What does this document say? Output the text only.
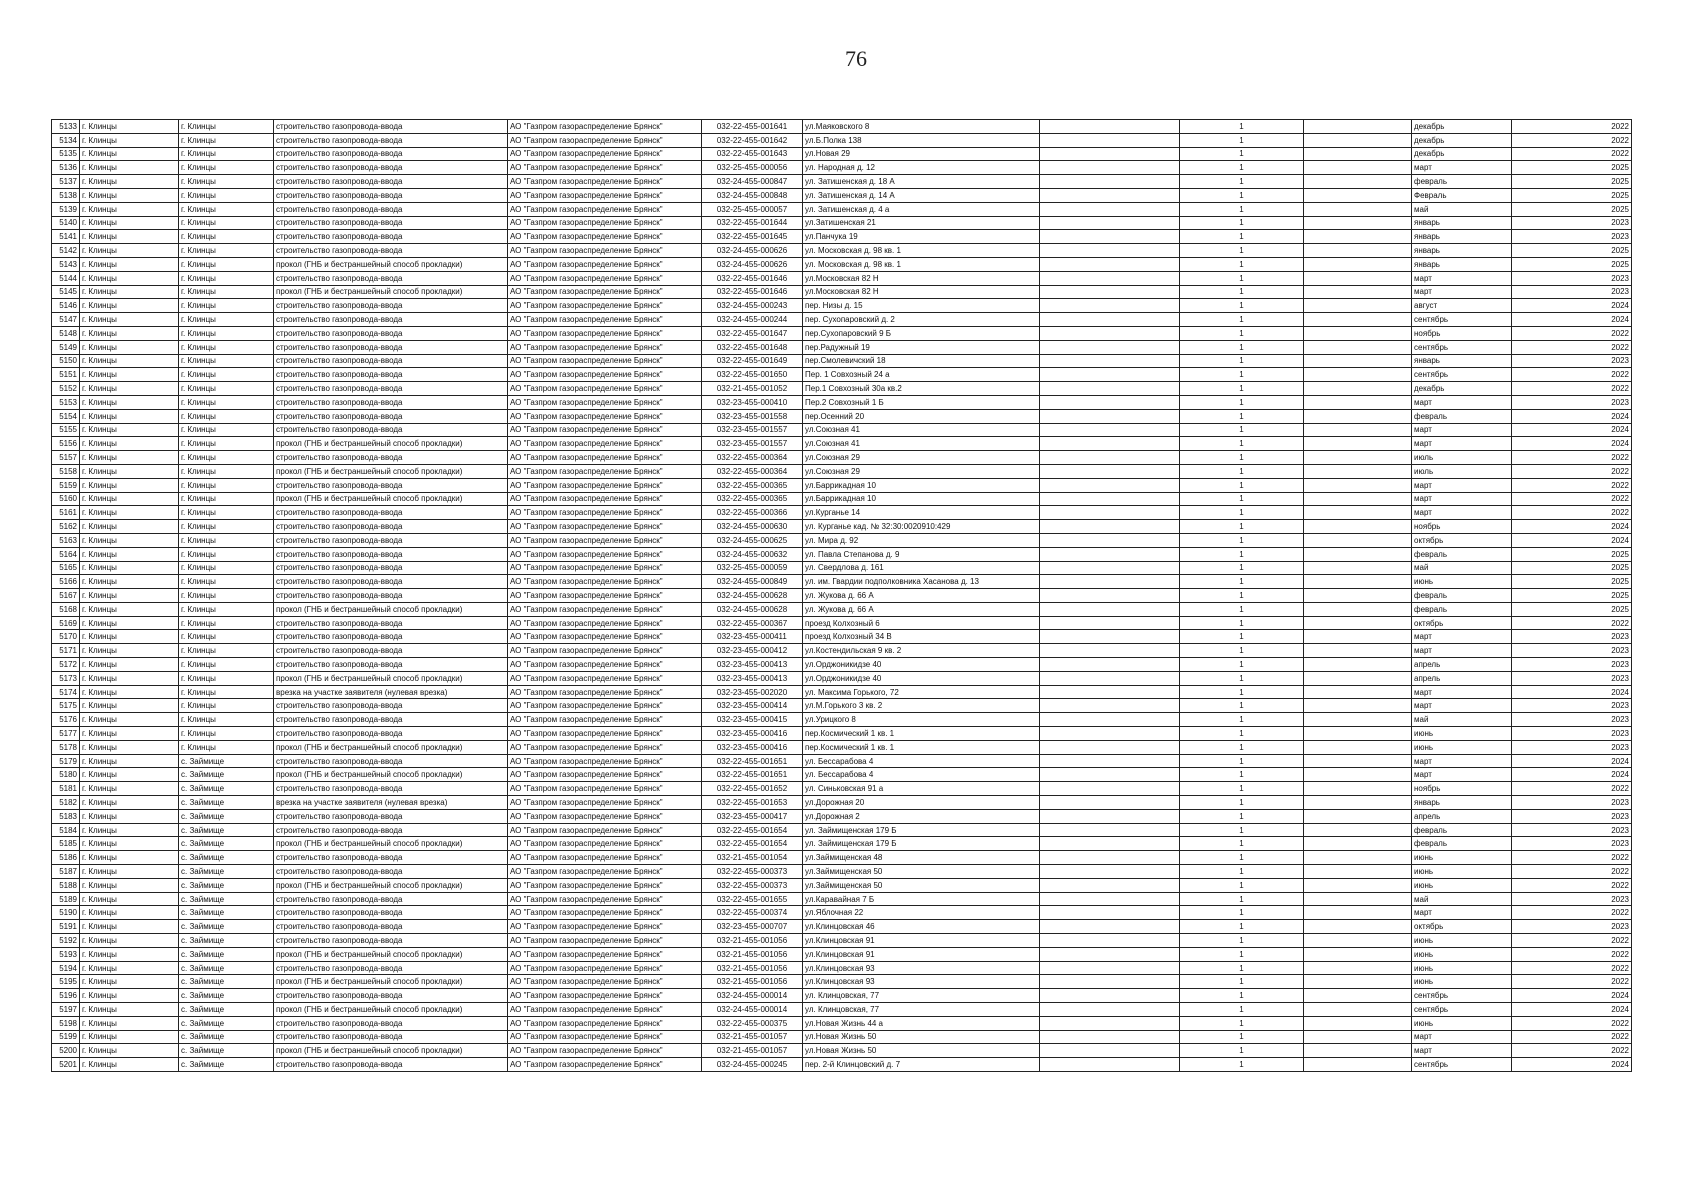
76
5133	г. Клинцы	г. Клинцы	строительство газопровода-ввода	АО "Газпром газораспределение Брянск"	032-22-455-001641	ул.Маяковского 8		1		декабрь	2022
5134	г. Клинцы	г. Клинцы	строительство газопровода-ввода	АО "Газпром газораспределение Брянск"	032-22-455-001642	ул.Б.Полка 138		1		декабрь	2022
5135	г. Клинцы	г. Клинцы	строительство газопровода-ввода	АО "Газпром газораспределение Брянск"	032-22-455-001643	ул.Новая 29		1		декабрь	2022
5136	г. Клинцы	г. Клинцы	строительство газопровода-ввода	АО "Газпром газораспределение Брянск"	032-25-455-000056	ул. Народная д. 12		1		март	2025
5137	г. Клинцы	г. Клинцы	строительство газопровода-ввода	АО "Газпром газораспределение Брянск"	032-24-455-000847	ул. Затишенская д. 18 А		1		февраль	2025
5138	г. Клинцы	г. Клинцы	строительство газопровода-ввода	АО "Газпром газораспределение Брянск"	032-24-455-000848	ул. Затишенская д. 14 А		1		Февраль	2025
5139	г. Клинцы	г. Клинцы	строительство газопровода-ввода	АО "Газпром газораспределение Брянск"	032-25-455-000057	ул. Затишенская д. 4 а		1		май	2025
5140	г. Клинцы	г. Клинцы	строительство газопровода-ввода	АО "Газпром газораспределение Брянск"	032-22-455-001644	ул.Затишенская 21		1		январь	2023
5141	г. Клинцы	г. Клинцы	строительство газопровода-ввода	АО "Газпром газораспределение Брянск"	032-22-455-001645	ул.Панчука 19		1		январь	2023
5142	г. Клинцы	г. Клинцы	строительство газопровода-ввода	АО "Газпром газораспределение Брянск"	032-24-455-000626	ул. Московская д. 98 кв. 1		1		январь	2025
5143	г. Клинцы	г. Клинцы	прокол (ГНБ и бестраншейный способ прокладки)	АО "Газпром газораспределение Брянск"	032-24-455-000626	ул. Московская д. 98 кв. 1		1		январь	2025
5144	г. Клинцы	г. Клинцы	строительство газопровода-ввода	АО "Газпром газораспределение Брянск"	032-22-455-001646	ул.Московская 82 Н		1		март	2023
5145	г. Клинцы	г. Клинцы	прокол (ГНБ и бестраншейный способ прокладки)	АО "Газпром газораспределение Брянск"	032-22-455-001646	ул.Московская 82 Н		1		март	2023
5146	г. Клинцы	г. Клинцы	строительство газопровода-ввода	АО "Газпром газораспределение Брянск"	032-24-455-000243	пер. Низы д. 15		1		август	2024
5147	г. Клинцы	г. Клинцы	строительство газопровода-ввода	АО "Газпром газораспределение Брянск"	032-24-455-000244	пер. Сухопаровский д. 2		1		сентябрь	2024
5148	г. Клинцы	г. Клинцы	строительство газопровода-ввода	АО "Газпром газораспределение Брянск"	032-22-455-001647	пер.Сухопаровский 9 Б		1		ноябрь	2022
5149	г. Клинцы	г. Клинцы	строительство газопровода-ввода	АО "Газпром газораспределение Брянск"	032-22-455-001648	пер.Радужный 19		1		сентябрь	2022
5150	г. Клинцы	г. Клинцы	строительство газопровода-ввода	АО "Газпром газораспределение Брянск"	032-22-455-001649	пер.Смолевичский 18		1		январь	2023
5151	г. Клинцы	г. Клинцы	строительство газопровода-ввода	АО "Газпром газораспределение Брянск"	032-22-455-001650	Пер. 1 Совхозный 24 а		1		сентябрь	2022
5152	г. Клинцы	г. Клинцы	строительство газопровода-ввода	АО "Газпром газораспределение Брянск"	032-21-455-001052	Пер.1 Совхозный 30а кв.2		1		декабрь	2022
5153	г. Клинцы	г. Клинцы	строительство газопровода-ввода	АО "Газпром газораспределение Брянск"	032-23-455-000410	Пер.2 Совхозный 1 Б		1		март	2023
5154	г. Клинцы	г. Клинцы	строительство газопровода-ввода	АО "Газпром газораспределение Брянск"	032-23-455-001558	пер.Осенний 20		1		февраль	2024
5155	г. Клинцы	г. Клинцы	строительство газопровода-ввода	АО "Газпром газораспределение Брянск"	032-23-455-001557	ул.Союзная 41		1		март	2024
5156	г. Клинцы	г. Клинцы	прокол (ГНБ и бестраншейный способ прокладки)	АО "Газпром газораспределение Брянск"	032-23-455-001557	ул.Союзная 41		1		март	2024
5157	г. Клинцы	г. Клинцы	строительство газопровода-ввода	АО "Газпром газораспределение Брянск"	032-22-455-000364	ул.Союзная 29		1		июль	2022
5158	г. Клинцы	г. Клинцы	прокол (ГНБ и бестраншейный способ прокладки)	АО "Газпром газораспределение Брянск"	032-22-455-000364	ул.Союзная 29		1		июль	2022
5159	г. Клинцы	г. Клинцы	строительство газопровода-ввода	АО "Газпром газораспределение Брянск"	032-22-455-000365	ул.Баррикадная 10		1		март	2022
5160	г. Клинцы	г. Клинцы	прокол (ГНБ и бестраншейный способ прокладки)	АО "Газпром газораспределение Брянск"	032-22-455-000365	ул.Баррикадная 10		1		март	2022
5161	г. Клинцы	г. Клинцы	строительство газопровода-ввода	АО "Газпром газораспределение Брянск"	032-22-455-000366	ул.Курганье 14		1		март	2022
5162	г. Клинцы	г. Клинцы	строительство газопровода-ввода	АО "Газпром газораспределение Брянск"	032-24-455-000630	ул. Курганье кад. № 32:30:0020910:429		1		ноябрь	2024
5163	г. Клинцы	г. Клинцы	строительство газопровода-ввода	АО "Газпром газораспределение Брянск"	032-24-455-000625	ул. Мира д. 92		1		октябрь	2024
5164	г. Клинцы	г. Клинцы	строительство газопровода-ввода	АО "Газпром газораспределение Брянск"	032-24-455-000632	ул. Павла Степанова д. 9		1		февраль	2025
5165	г. Клинцы	г. Клинцы	строительство газопровода-ввода	АО "Газпром газораспределение Брянск"	032-25-455-000059	ул. Свердлова д. 161		1		май	2025
5166	г. Клинцы	г. Клинцы	строительство газопровода-ввода	АО "Газпром газораспределение Брянск"	032-24-455-000849	ул. им. Гвардии подполковника Хасанова д. 13		1		июнь	2025
5167	г. Клинцы	г. Клинцы	строительство газопровода-ввода	АО "Газпром газораспределение Брянск"	032-24-455-000628	ул. Жукова д. 66 А		1		февраль	2025
5168	г. Клинцы	г. Клинцы	прокол (ГНБ и бестраншейный способ прокладки)	АО "Газпром газораспределение Брянск"	032-24-455-000628	ул. Жукова д. 66 А		1		февраль	2025
5169	г. Клинцы	г. Клинцы	строительство газопровода-ввода	АО "Газпром газораспределение Брянск"	032-22-455-000367	проезд Колхозный 6		1		октябрь	2022
5170	г. Клинцы	г. Клинцы	строительство газопровода-ввода	АО "Газпром газораспределение Брянск"	032-23-455-000411	проезд Колхозный 34 В		1		март	2023
5171	г. Клинцы	г. Клинцы	строительство газопровода-ввода	АО "Газпром газораспределение Брянск"	032-23-455-000412	ул.Костендильская 9 кв. 2		1		март	2023
5172	г. Клинцы	г. Клинцы	строительство газопровода-ввода	АО "Газпром газораспределение Брянск"	032-23-455-000413	ул.Орджоникидзе 40		1		апрель	2023
5173	г. Клинцы	г. Клинцы	прокол (ГНБ и бестраншейный способ прокладки)	АО "Газпром газораспределение Брянск"	032-23-455-000413	ул.Орджоникидзе 40		1		апрель	2023
5174	г. Клинцы	г. Клинцы	врезка на участке заявителя (нулевая врезка)	АО "Газпром газораспределение Брянск"	032-23-455-002020	ул. Максима Горького, 72		1		март	2024
5175	г. Клинцы	г. Клинцы	строительство газопровода-ввода	АО "Газпром газораспределение Брянск"	032-23-455-000414	ул.М.Горького 3 кв. 2		1		март	2023
5176	г. Клинцы	г. Клинцы	строительство газопровода-ввода	АО "Газпром газораспределение Брянск"	032-23-455-000415	ул.Урицкого 8		1		май	2023
5177	г. Клинцы	г. Клинцы	строительство газопровода-ввода	АО "Газпром газораспределение Брянск"	032-23-455-000416	пер.Космический 1 кв. 1		1		июнь	2023
5178	г. Клинцы	г. Клинцы	прокол (ГНБ и бестраншейный способ прокладки)	АО "Газпром газораспределение Брянск"	032-23-455-000416	пер.Космический 1 кв. 1		1		июнь	2023
5179	г. Клинцы	с. Займище	строительство газопровода-ввода	АО "Газпром газораспределение Брянск"	032-22-455-001651	ул. Бессарабова 4		1		март	2024
5180	г. Клинцы	с. Займище	прокол (ГНБ и бестраншейный способ прокладки)	АО "Газпром газораспределение Брянск"	032-22-455-001651	ул. Бессарабова 4		1		март	2024
5181	г. Клинцы	с. Займище	строительство газопровода-ввода	АО "Газпром газораспределение Брянск"	032-22-455-001652	ул. Синьковская 91 а		1		ноябрь	2022
5182	г. Клинцы	с. Займище	врезка на участке заявителя (нулевая врезка)	АО "Газпром газораспределение Брянск"	032-22-455-001653	ул.Дорожная 20		1		январь	2023
5183	г. Клинцы	с. Займище	строительство газопровода-ввода	АО "Газпром газораспределение Брянск"	032-23-455-000417	ул.Дорожная 2		1		апрель	2023
5184	г. Клинцы	с. Займище	строительство газопровода-ввода	АО "Газпром газораспределение Брянск"	032-22-455-001654	ул. Займищенская 179 Б		1		февраль	2023
5185	г. Клинцы	с. Займище	прокол (ГНБ и бестраншейный способ прокладки)	АО "Газпром газораспределение Брянск"	032-22-455-001654	ул. Займищенская 179 Б		1		февраль	2023
5186	г. Клинцы	с. Займище	строительство газопровода-ввода	АО "Газпром газораспределение Брянск"	032-21-455-001054	ул.Займищенская 48		1		июнь	2022
5187	г. Клинцы	с. Займище	строительство газопровода-ввода	АО "Газпром газораспределение Брянск"	032-22-455-000373	ул.Займищенская 50		1		июнь	2022
5188	г. Клинцы	с. Займище	прокол (ГНБ и бестраншейный способ прокладки)	АО "Газпром газораспределение Брянск"	032-22-455-000373	ул.Займищенская 50		1		июнь	2022
5189	г. Клинцы	с. Займище	строительство газопровода-ввода	АО "Газпром газораспределение Брянск"	032-22-455-001655	ул.Каравайная 7 Б		1		май	2023
5190	г. Клинцы	с. Займище	строительство газопровода-ввода	АО "Газпром газораспределение Брянск"	032-22-455-000374	ул.Яблочная 22		1		март	2022
5191	г. Клинцы	с. Займище	строительство газопровода-ввода	АО "Газпром газораспределение Брянск"	032-23-455-000707	ул.Клинцовская 46		1		октябрь	2023
5192	г. Клинцы	с. Займище	строительство газопровода-ввода	АО "Газпром газораспределение Брянск"	032-21-455-001056	ул.Клинцовская 91		1		июнь	2022
5193	г. Клинцы	с. Займище	прокол (ГНБ и бестраншейный способ прокладки)	АО "Газпром газораспределение Брянск"	032-21-455-001056	ул.Клинцовская 91		1		июнь	2022
5194	г. Клинцы	с. Займище	строительство газопровода-ввода	АО "Газпром газораспределение Брянск"	032-21-455-001056	ул.Клинцовская 93		1		июнь	2022
5195	г. Клинцы	с. Займище	прокол (ГНБ и бестраншейный способ прокладки)	АО "Газпром газораспределение Брянск"	032-21-455-001056	ул.Клинцовская 93		1		июнь	2022
5196	г. Клинцы	с. Займище	строительство газопровода-ввода	АО "Газпром газораспределение Брянск"	032-24-455-000014	ул. Клинцовская, 77		1		сентябрь	2024
5197	г. Клинцы	с. Займище	прокол (ГНБ и бестраншейный способ прокладки)	АО "Газпром газораспределение Брянск"	032-24-455-000014	ул. Клинцовская, 77		1		сентябрь	2024
5198	г. Клинцы	с. Займище	строительство газопровода-ввода	АО "Газпром газораспределение Брянск"	032-22-455-000375	ул.Новая Жизнь 44 а		1		июнь	2022
5199	г. Клинцы	с. Займище	строительство газопровода-ввода	АО "Газпром газораспределение Брянск"	032-21-455-001057	ул.Новая Жизнь 50		1		март	2022
5200	г. Клинцы	с. Займище	прокол (ГНБ и бестраншейный способ прокладки)	АО "Газпром газораспределение Брянск"	032-21-455-001057	ул.Новая Жизнь 50		1		март	2022
5201	г. Клинцы	с. Займище	строительство газопровода-ввода	АО "Газпром газораспределение Брянск"	032-24-455-000245	пер. 2-й Клинцовский д. 7		1		сентябрь	2024
